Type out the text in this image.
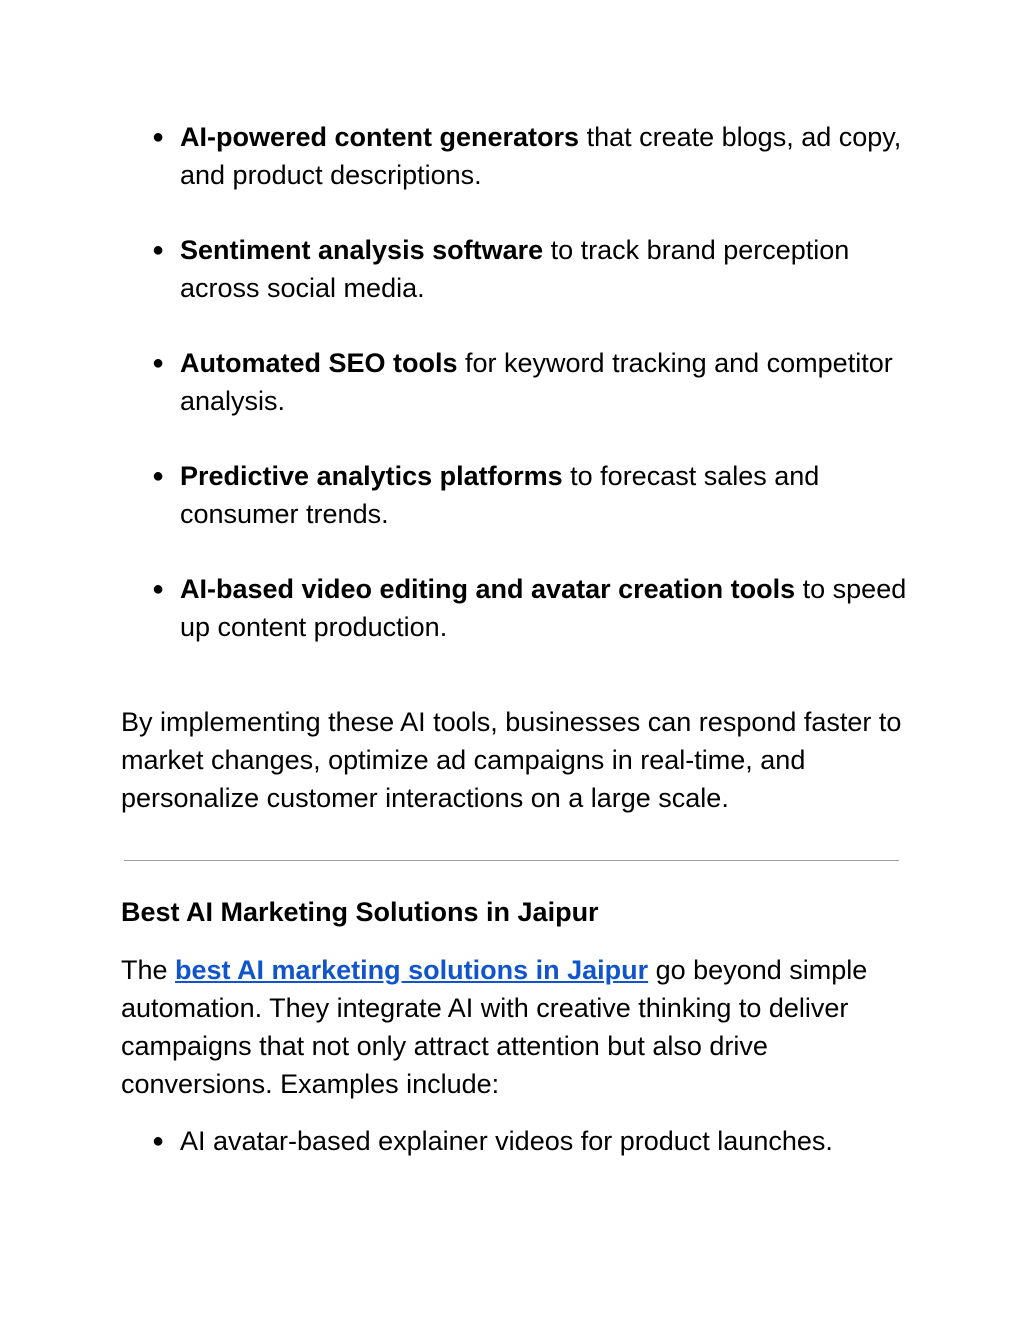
● AI-powered content generators that create blogs, ad copy, and product descriptions.
● Sentiment analysis software to track brand perception across social media.
● Automated SEO tools for keyword tracking and competitor analysis.
● Predictive analytics platforms to forecast sales and consumer trends.
● AI-based video editing and avatar creation tools to speed up content production.

By implementing these AI tools, businesses can respond faster to market changes, optimize ad campaigns in real-time, and personalize customer interactions on a large scale.

Best AI Marketing Solutions in Jaipur

The best AI marketing solutions in Jaipur go beyond simple automation. They integrate AI with creative thinking to deliver campaigns that not only attract attention but also drive conversions. Examples include:

● AI avatar-based explainer videos for product launches.
